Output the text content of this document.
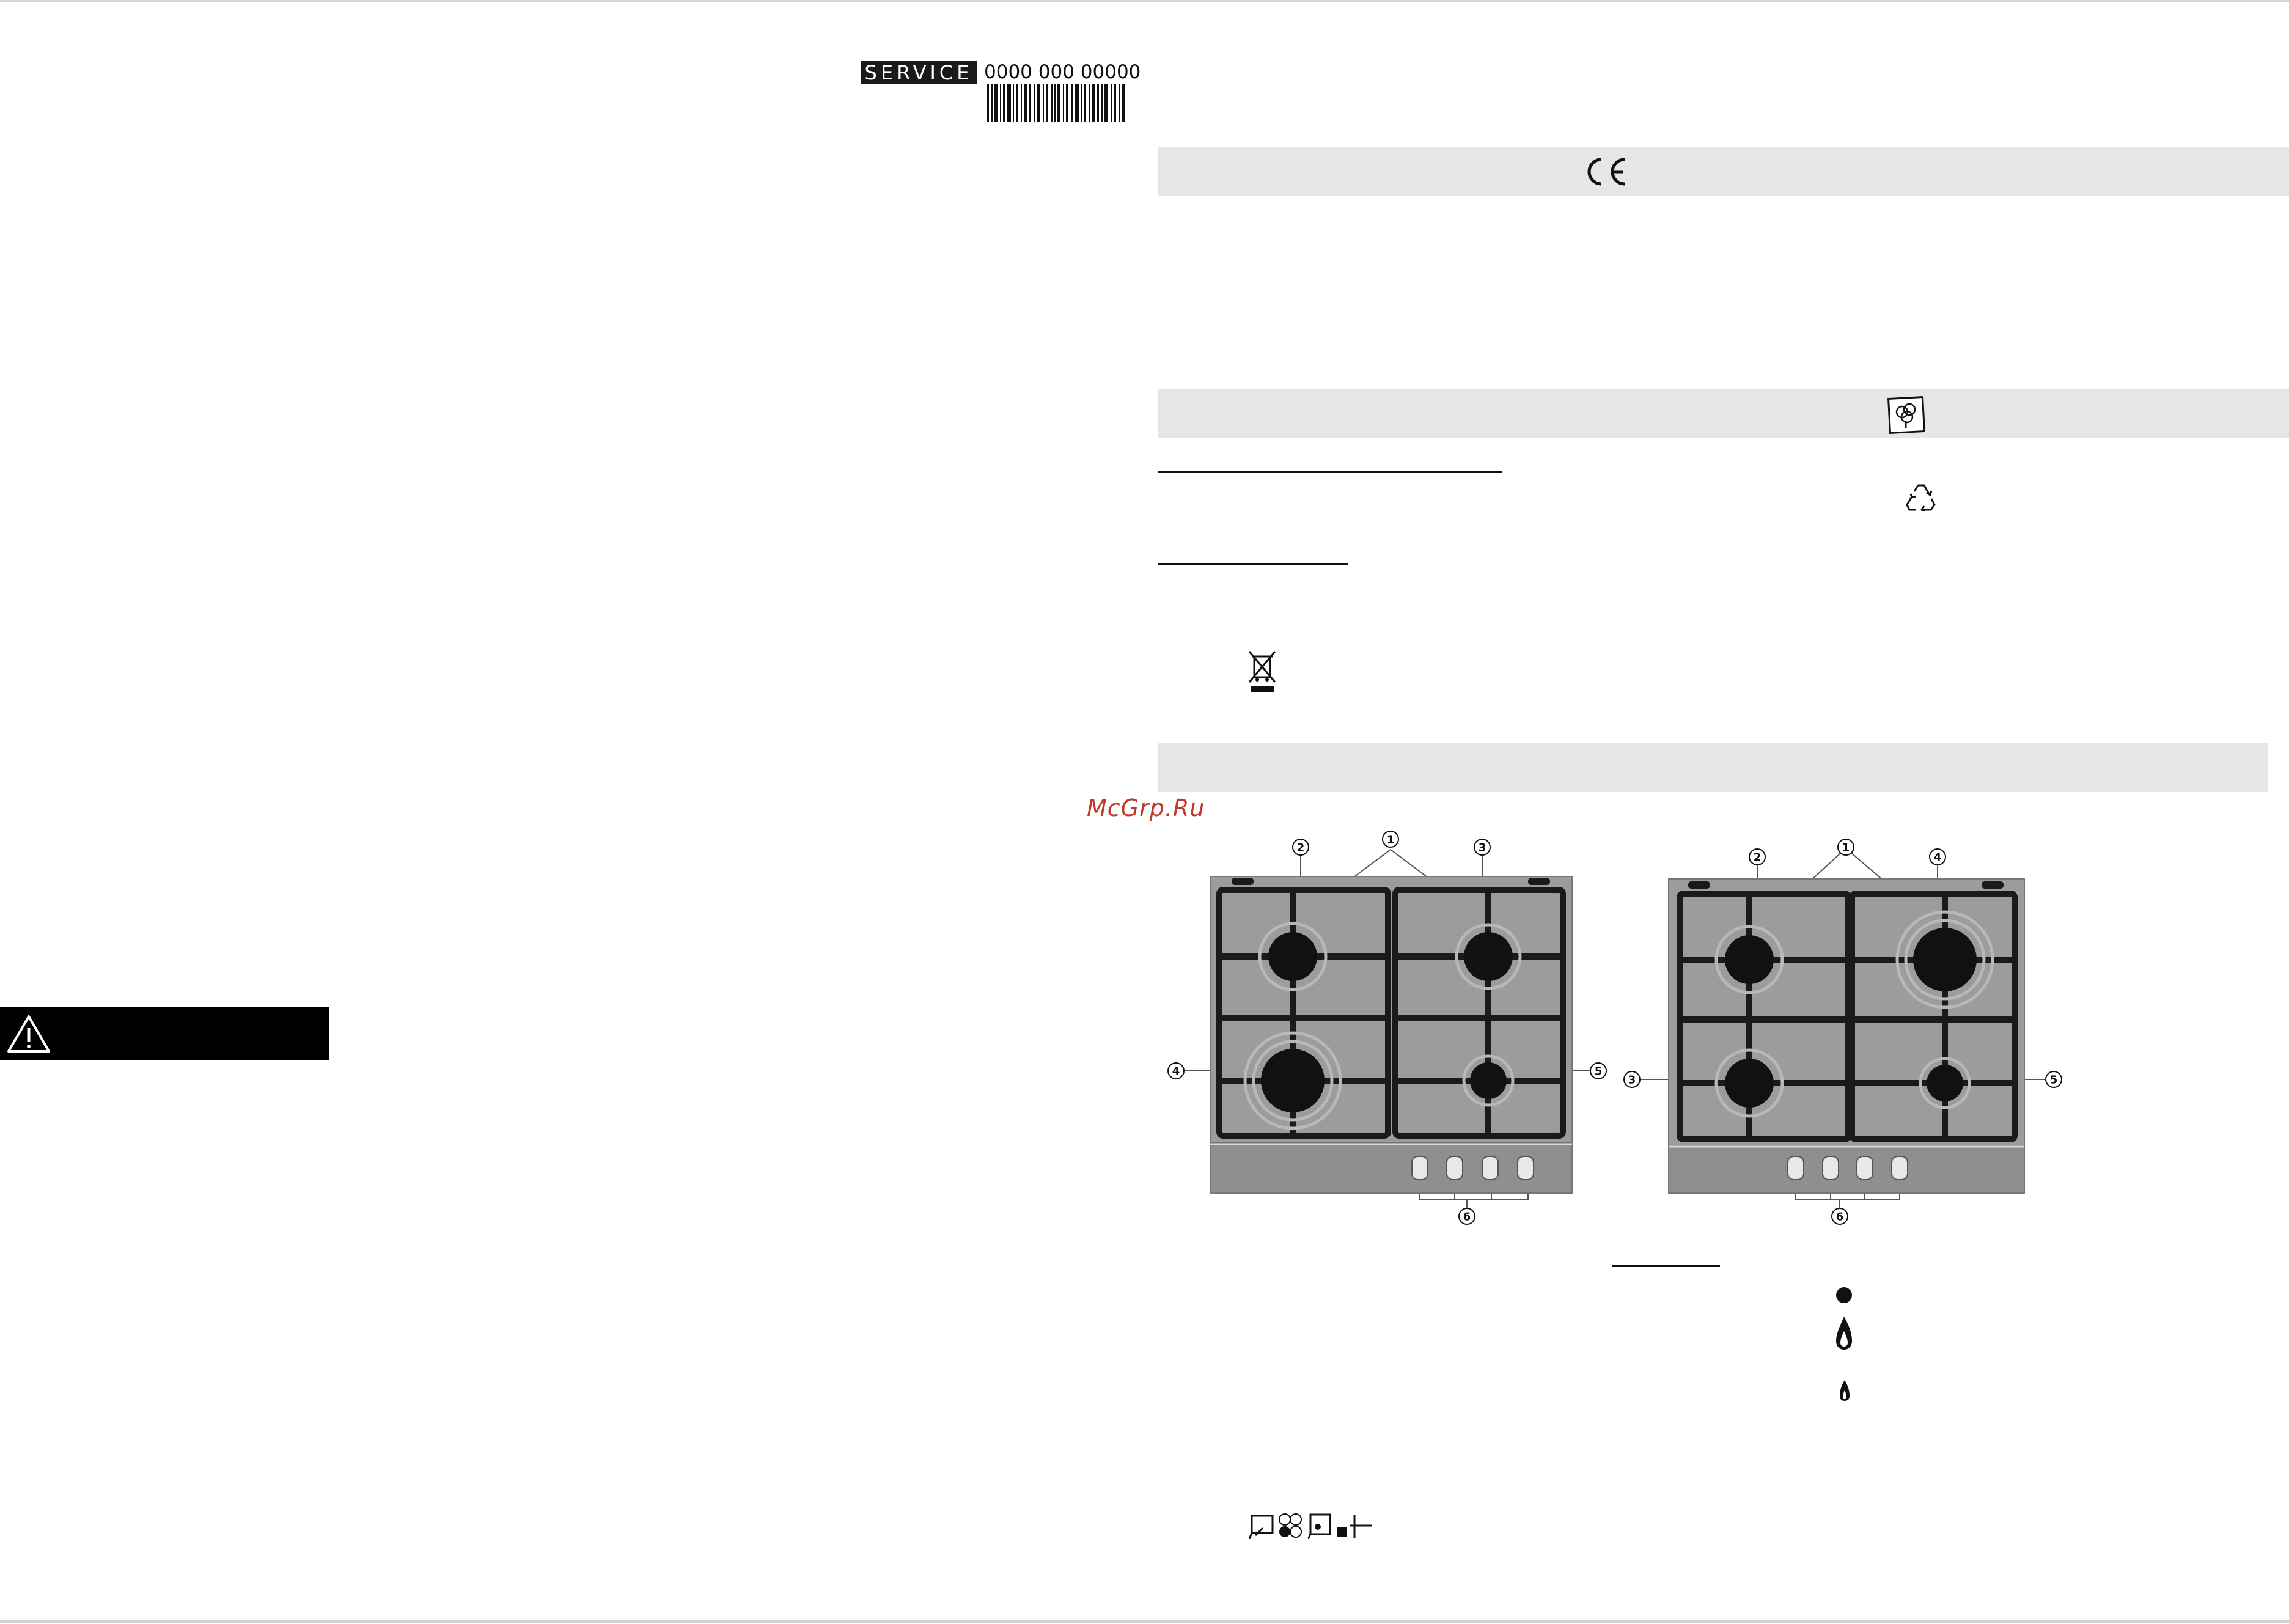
SERVICE 0000 000 00000
McGrp.Ru
2
1
3
4	5
6
2
1
4
3	5
6
